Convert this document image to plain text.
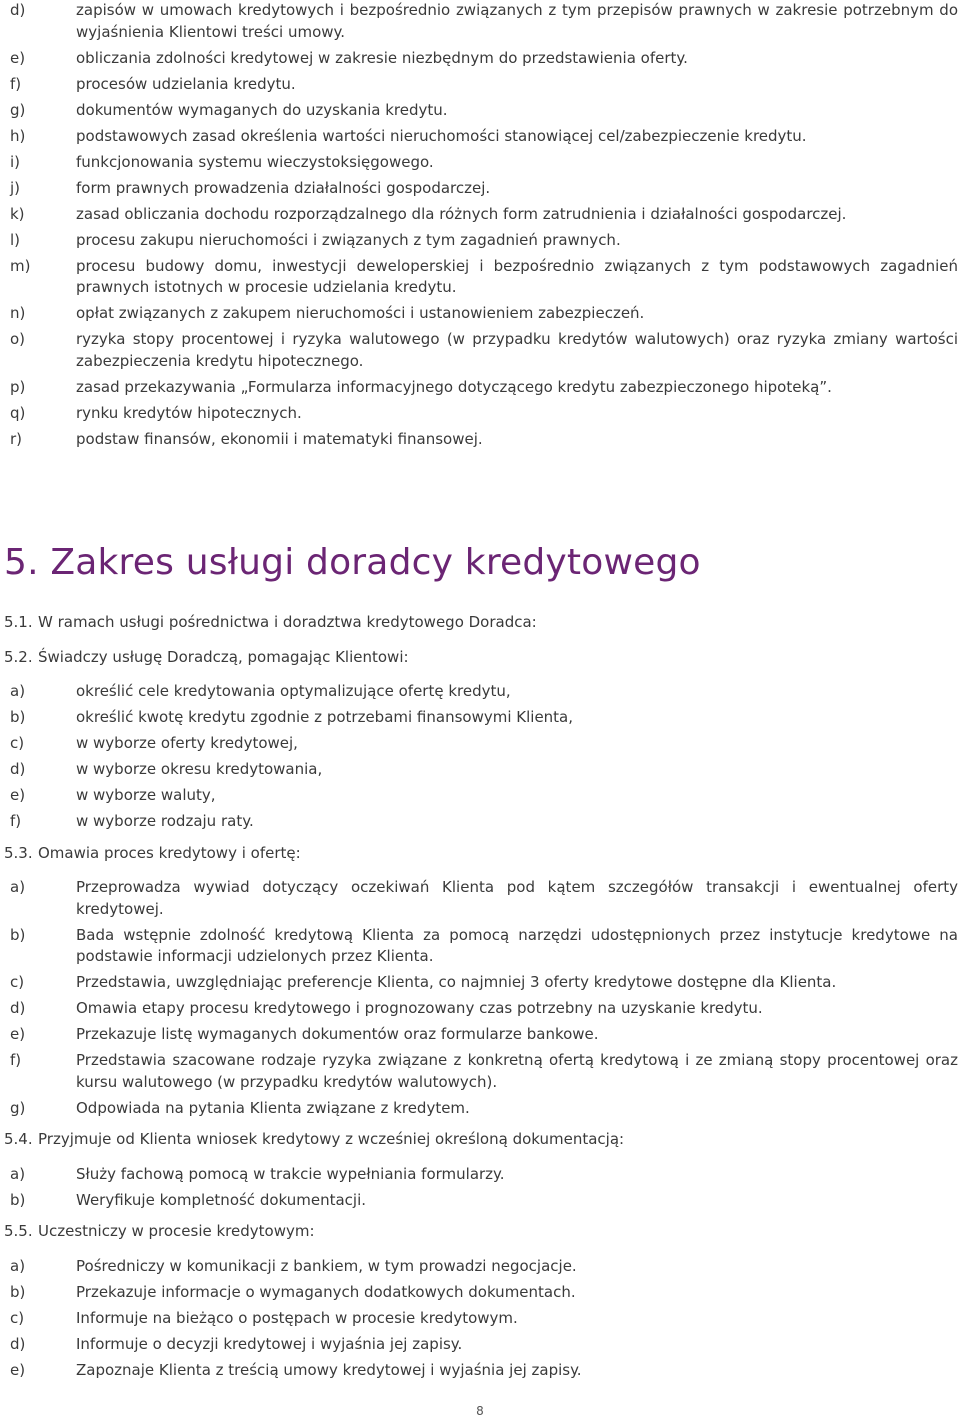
d)	zapisów w umowach kredytowych i bezpośrednio związanych z tym przepisów prawnych w zakresie potrzebnym do wyjaśnienia Klientowi treści umowy.
e)	obliczania zdolności kredytowej w zakresie niezbędnym do przedstawienia oferty.
f)	procesów udzielania kredytu.
g)	dokumentów wymaganych do uzyskania kredytu.
h)	podstawowych zasad określenia wartości nieruchomości stanowiącej cel/zabezpieczenie kredytu.
i)	funkcjonowania systemu wieczystoksięgowego.
j)	form prawnych prowadzenia działalności gospodarczej.
k)	zasad obliczania dochodu rozporządzalnego dla różnych form zatrudnienia i działalności gospodarczej.
l)	procesu zakupu nieruchomości i związanych z tym zagadnień prawnych.
m)	procesu budowy domu, inwestycji deweloperskiej i bezpośrednio związanych z tym podstawowych zagadnień prawnych istotnych w procesie udzielania kredytu.
n)	opłat związanych z zakupem nieruchomości i ustanowieniem zabezpieczeń.
o)	ryzyka stopy procentowej i ryzyka walutowego (w przypadku kredytów walutowych) oraz ryzyka zmiany wartości zabezpieczenia kredytu hipotecznego.
p)	zasad przekazywania „Formularza informacyjnego dotyczącego kredytu zabezpieczonego hipoteką”.
q)	rynku kredytów hipotecznych.
r)	podstaw finansów, ekonomii i matematyki finansowej.
5. Zakres usługi doradcy kredytowego
5.1. W ramach usługi pośrednictwa i doradztwa kredytowego Doradca:
5.2. Świadczy usługę Doradczą, pomagając Klientowi:
a)	określić cele kredytowania optymalizujące ofertę kredytu,
b)	określić kwotę kredytu zgodnie z potrzebami finansowymi Klienta,
c)	w wyborze oferty kredytowej,
d)	w wyborze okresu kredytowania,
e)	w wyborze waluty,
f)	w wyborze rodzaju raty.
5.3. Omawia proces kredytowy i ofertę:
a)	Przeprowadza wywiad dotyczący oczekiwań Klienta pod kątem szczegółów transakcji i ewentualnej oferty kredytowej.
b)	Bada wstępnie zdolność kredytową Klienta za pomocą narzędzi udostępnionych przez instytucje kredytowe na podstawie informacji udzielonych przez Klienta.
c)	Przedstawia, uwzględniając preferencje Klienta, co najmniej 3 oferty kredytowe dostępne dla Klienta.
d)	Omawia etapy procesu kredytowego i prognozowany czas potrzebny na uzyskanie kredytu.
e)	Przekazuje listę wymaganych dokumentów oraz formularze bankowe.
f)	Przedstawia szacowane rodzaje ryzyka związane z konkretną ofertą kredytową i ze zmianą stopy procentowej oraz kursu walutowego (w przypadku kredytów walutowych).
g)	Odpowiada na pytania Klienta związane z kredytem.
5.4. Przyjmuje od Klienta wniosek kredytowy z wcześniej określoną dokumentacją:
a)	Służy fachową pomocą w trakcie wypełniania formularzy.
b)	Weryfikuje kompletność dokumentacji.
5.5. Uczestniczy w procesie kredytowym:
a)	Pośredniczy w komunikacji z bankiem, w tym prowadzi negocjacje.
b)	Przekazuje informacje o wymaganych dodatkowych dokumentach.
c)	Informuje na bieżąco o postępach w procesie kredytowym.
d)	Informuje o decyzji kredytowej i wyjaśnia jej zapisy.
e)	Zapoznaje Klienta z treścią umowy kredytowej i wyjaśnia jej zapisy.
8
